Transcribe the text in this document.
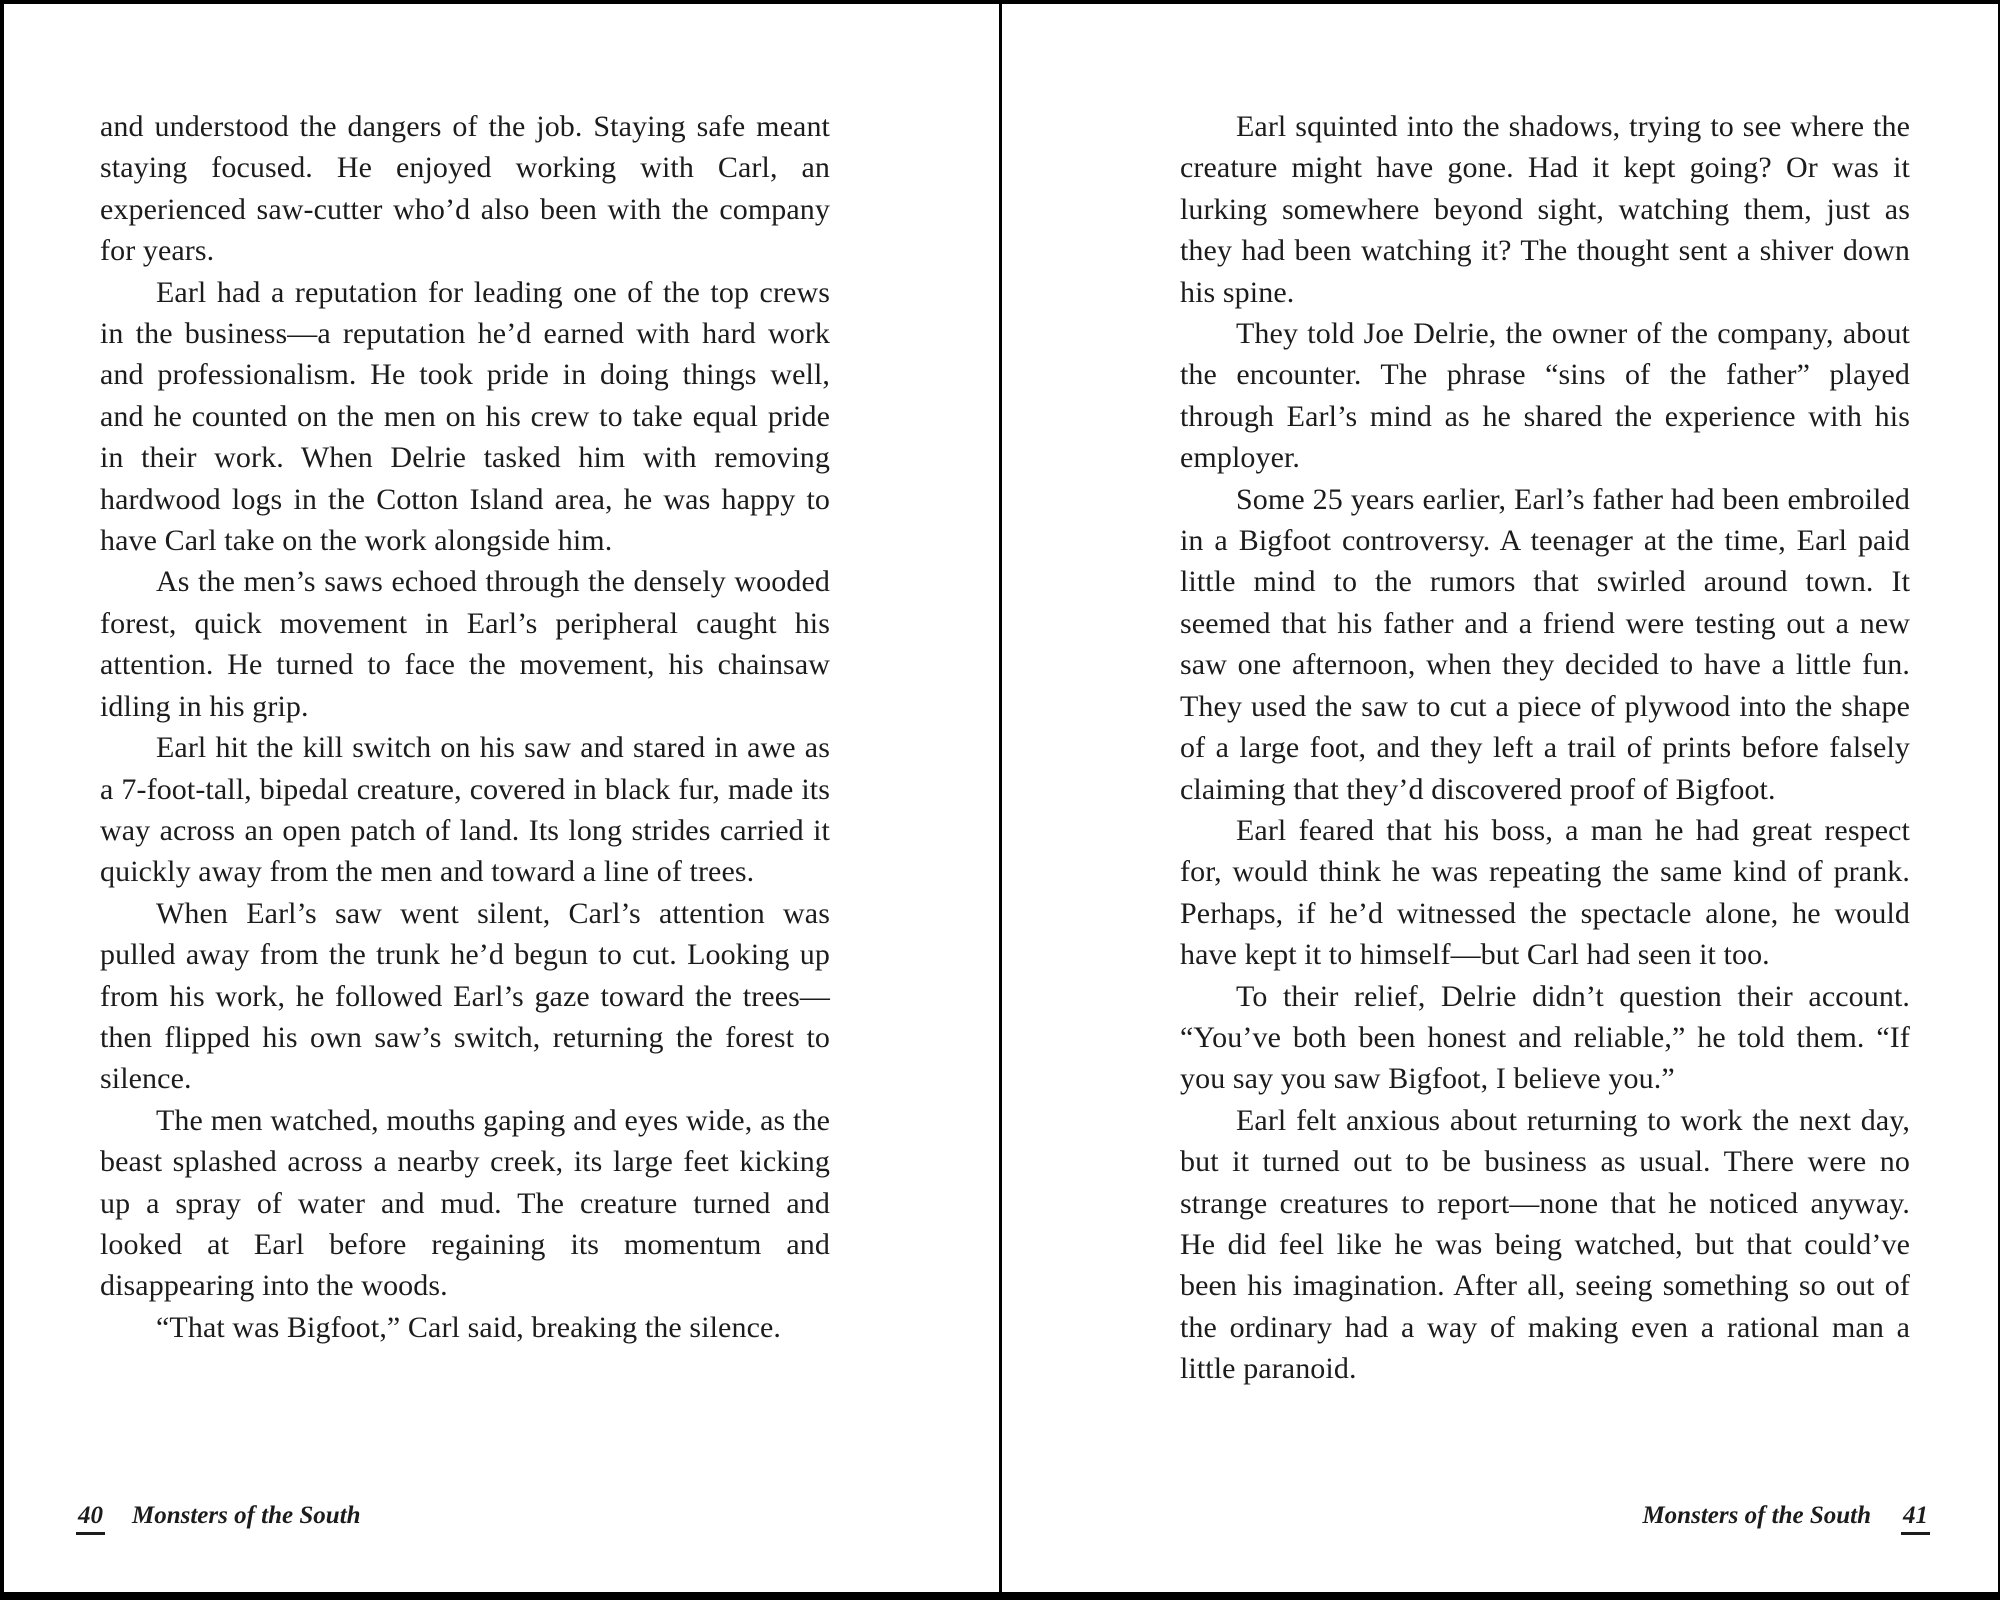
and understood the dangers of the job. Staying safe meant staying focused. He enjoyed working with Carl, an experienced saw-cutter who’d also been with the company for years.

Earl had a reputation for leading one of the top crews in the business—a reputation he’d earned with hard work and professionalism. He took pride in doing things well, and he counted on the men on his crew to take equal pride in their work. When Delrie tasked him with removing hardwood logs in the Cotton Island area, he was happy to have Carl take on the work alongside him.

As the men’s saws echoed through the densely wooded forest, quick movement in Earl’s peripheral caught his attention. He turned to face the movement, his chainsaw idling in his grip.

Earl hit the kill switch on his saw and stared in awe as a 7-foot-tall, bipedal creature, covered in black fur, made its way across an open patch of land. Its long strides carried it quickly away from the men and toward a line of trees.

When Earl’s saw went silent, Carl’s attention was pulled away from the trunk he’d begun to cut. Looking up from his work, he followed Earl’s gaze toward the trees—then flipped his own saw’s switch, returning the forest to silence.

The men watched, mouths gaping and eyes wide, as the beast splashed across a nearby creek, its large feet kicking up a spray of water and mud. The creature turned and looked at Earl before regaining its momentum and disappearing into the woods.

“That was Bigfoot,” Carl said, breaking the silence.

40 Monsters of the South

Earl squinted into the shadows, trying to see where the creature might have gone. Had it kept going? Or was it lurking somewhere beyond sight, watching them, just as they had been watching it? The thought sent a shiver down his spine.

They told Joe Delrie, the owner of the company, about the encounter. The phrase “sins of the father” played through Earl’s mind as he shared the experience with his employer.

Some 25 years earlier, Earl’s father had been embroiled in a Bigfoot controversy. A teenager at the time, Earl paid little mind to the rumors that swirled around town. It seemed that his father and a friend were testing out a new saw one afternoon, when they decided to have a little fun. They used the saw to cut a piece of plywood into the shape of a large foot, and they left a trail of prints before falsely claiming that they’d discovered proof of Bigfoot.

Earl feared that his boss, a man he had great respect for, would think he was repeating the same kind of prank. Perhaps, if he’d witnessed the spectacle alone, he would have kept it to himself—but Carl had seen it too.

To their relief, Delrie didn’t question their account. “You’ve both been honest and reliable,” he told them. “If you say you saw Bigfoot, I believe you.”

Earl felt anxious about returning to work the next day, but it turned out to be business as usual. There were no strange creatures to report—none that he noticed anyway. He did feel like he was being watched, but that could’ve been his imagination. After all, seeing something so out of the ordinary had a way of making even a rational man a little paranoid.

Monsters of the South 41
